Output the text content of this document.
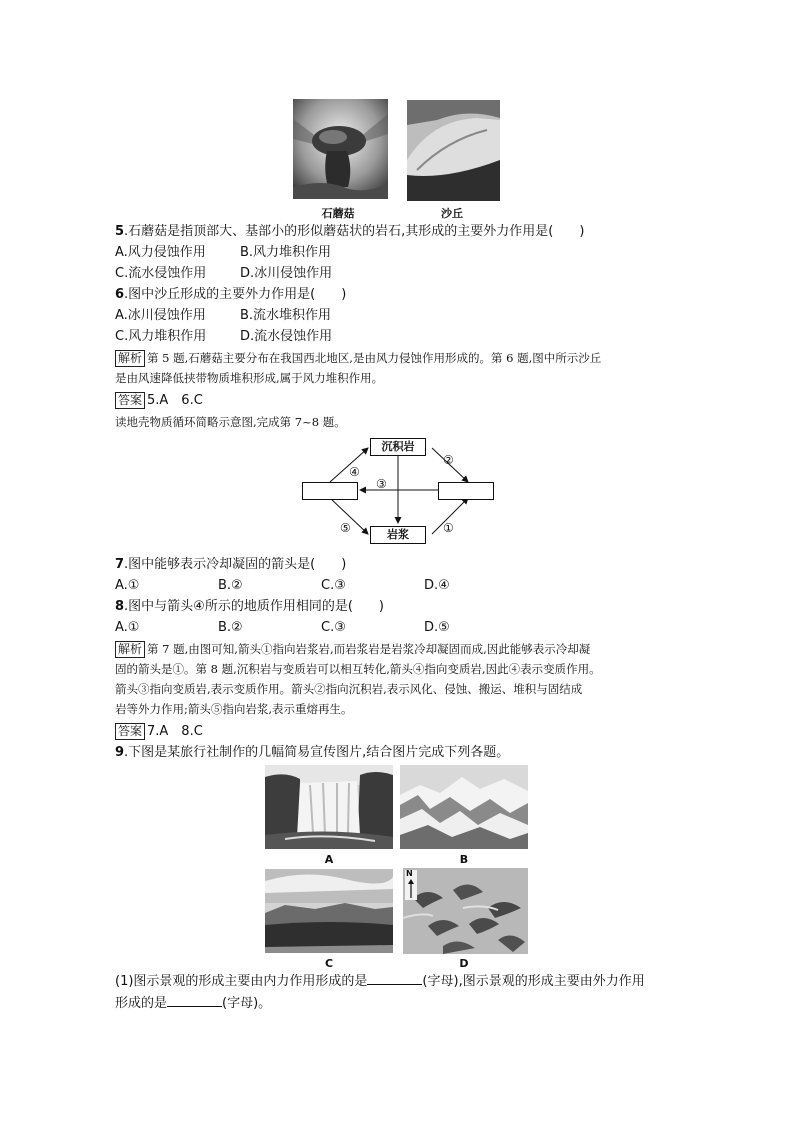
石蘑菇	沙丘
5.石蘑菇是指顶部大、基部小的形似蘑菇状的岩石,其形成的主要外力作用是(　　)
A.风力侵蚀作用	B.风力堆积作用
C.流水侵蚀作用	D.冰川侵蚀作用
6.图中沙丘形成的主要外力作用是(　　)
A.冰川侵蚀作用	B.流水堆积作用
C.风力堆积作用	D.流水侵蚀作用
解析 第 5 题,石蘑菇主要分布在我国西北地区,是由风力侵蚀作用形成的。第 6 题,图中所示沙丘
是由风速降低挟带物质堆积形成,属于风力堆积作用。
答案 5.A　6.C
读地壳物质循环简略示意图,完成第 7~8 题。
沉积岩
岩浆	①
②
③
④
⑤
7.图中能够表示冷却凝固的箭头是(　　)
A.①	B.②	C.③	D.④
8.图中与箭头④所示的地质作用相同的是(　　)
A.①	B.②	C.③	D.⑤
解析 第 7 题,由图可知,箭头①指向岩浆岩,而岩浆岩是岩浆冷却凝固而成,因此能够表示冷却凝
固的箭头是①。第 8 题,沉积岩与变质岩可以相互转化,箭头④指向变质岩,因此④表示变质作用。
箭头③指向变质岩,表示变质作用。箭头②指向沉积岩,表示风化、侵蚀、搬运、堆积与固结成
岩等外力作用;箭头⑤指向岩浆,表示重熔再生。
答案 7.A　8.C
9.下图是某旅行社制作的几幅简易宣传图片,结合图片完成下列各题。
A	B
N
C	D
(1)图示景观的形成主要由内力作用形成的是	(字母),图示景观的形成主要由外力作用
形成的是	(字母)。
